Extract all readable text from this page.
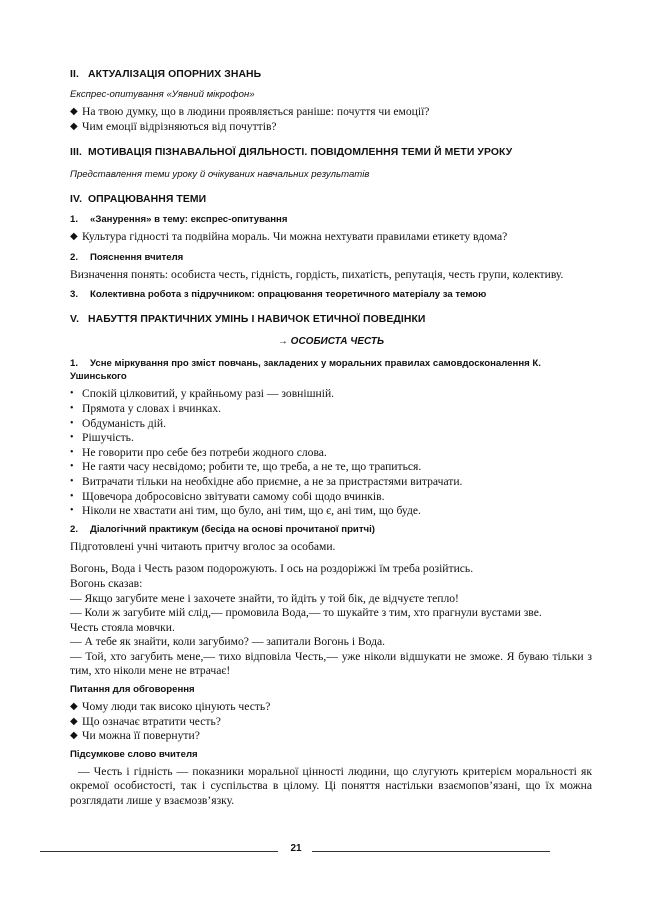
II. АКТУАЛІЗАЦІЯ ОПОРНИХ ЗНАНЬ

Експрес-опитування «Уявний мікрофон»

◆ На твою думку, що в людини проявляється раніше: почуття чи емоції?
◆ Чим емоції відрізняються від почуттів?

III. МОТИВАЦІЯ ПІЗНАВАЛЬНОЇ ДІЯЛЬНОСТІ. ПОВІДОМЛЕННЯ ТЕМИ Й МЕТИ УРОКУ

Представлення теми уроку й очікуваних навчальних результатів

IV. ОПРАЦЮВАННЯ ТЕМИ

1. «Занурення» в тему: експрес-опитування

◆ Культура гідності та подвійна мораль. Чи можна нехтувати правилами етикету вдома?

2. Пояснення вчителя

Визначення понять: особиста честь, гідність, гордість, пихатість, репутація, честь групи, колективу.

3. Колективна робота з підручником: опрацювання теоретичного матеріалу за темою

V. НАБУТТЯ ПРАКТИЧНИХ УМІНЬ І НАВИЧОК ЕТИЧНОЇ ПОВЕДІНКИ

→ ОСОБИСТА ЧЕСТЬ

1. Усне міркування про зміст повчань, закладених у моральних правилах самовдосконалення К. Ушинського

• Спокій цілковитий, у крайньому разі — зовнішній.
• Прямота у словах і вчинках.
• Обдуманість дій.
• Рішучість.
• Не говорити про себе без потреби жодного слова.
• Не гаяти часу несвідомо; робити те, що треба, а не те, що трапиться.
• Витрачати тільки на необхідне або приємне, а не за пристрастями витрачати.
• Щовечора добросовісно звітувати самому собі щодо вчинків.
• Ніколи не хвастати ані тим, що було, ані тим, що є, ані тим, що буде.

2. Діалогічний практикум (бесіда на основі прочитаної притчі)

Підготовлені учні читають притчу вголос за особами.

Вогонь, Вода і Честь разом подорожують. І ось на роздоріжжі їм треба розійтись.

Вогонь сказав:

— Якщо загубите мене і захочете знайти, то йдіть у той бік, де відчуєте тепло!

— Коли ж загубите мій слід,— промовила Вода,— то шукайте з тим, хто прагнули вустами зве.

Честь стояла мовчки.

— А тебе як знайти, коли загубимо? — запитали Вогонь і Вода.

— Той, хто загубить мене,— тихо відповіла Честь,— уже ніколи відшукати не зможе. Я буваю тільки з тим, хто ніколи мене не втрачає!

Питання для обговорення

◆ Чому люди так високо цінують честь?
◆ Що означає втратити честь?
◆ Чи можна її повернути?

Підсумкове слово вчителя

— Честь і гідність — показники моральної цінності людини, що слугують критерієм моральності як окремої особистості, так і суспільства в цілому. Ці поняття настільки взаємопов’язані, що їх можна розглядати лише у взаємозв’язку.

21
